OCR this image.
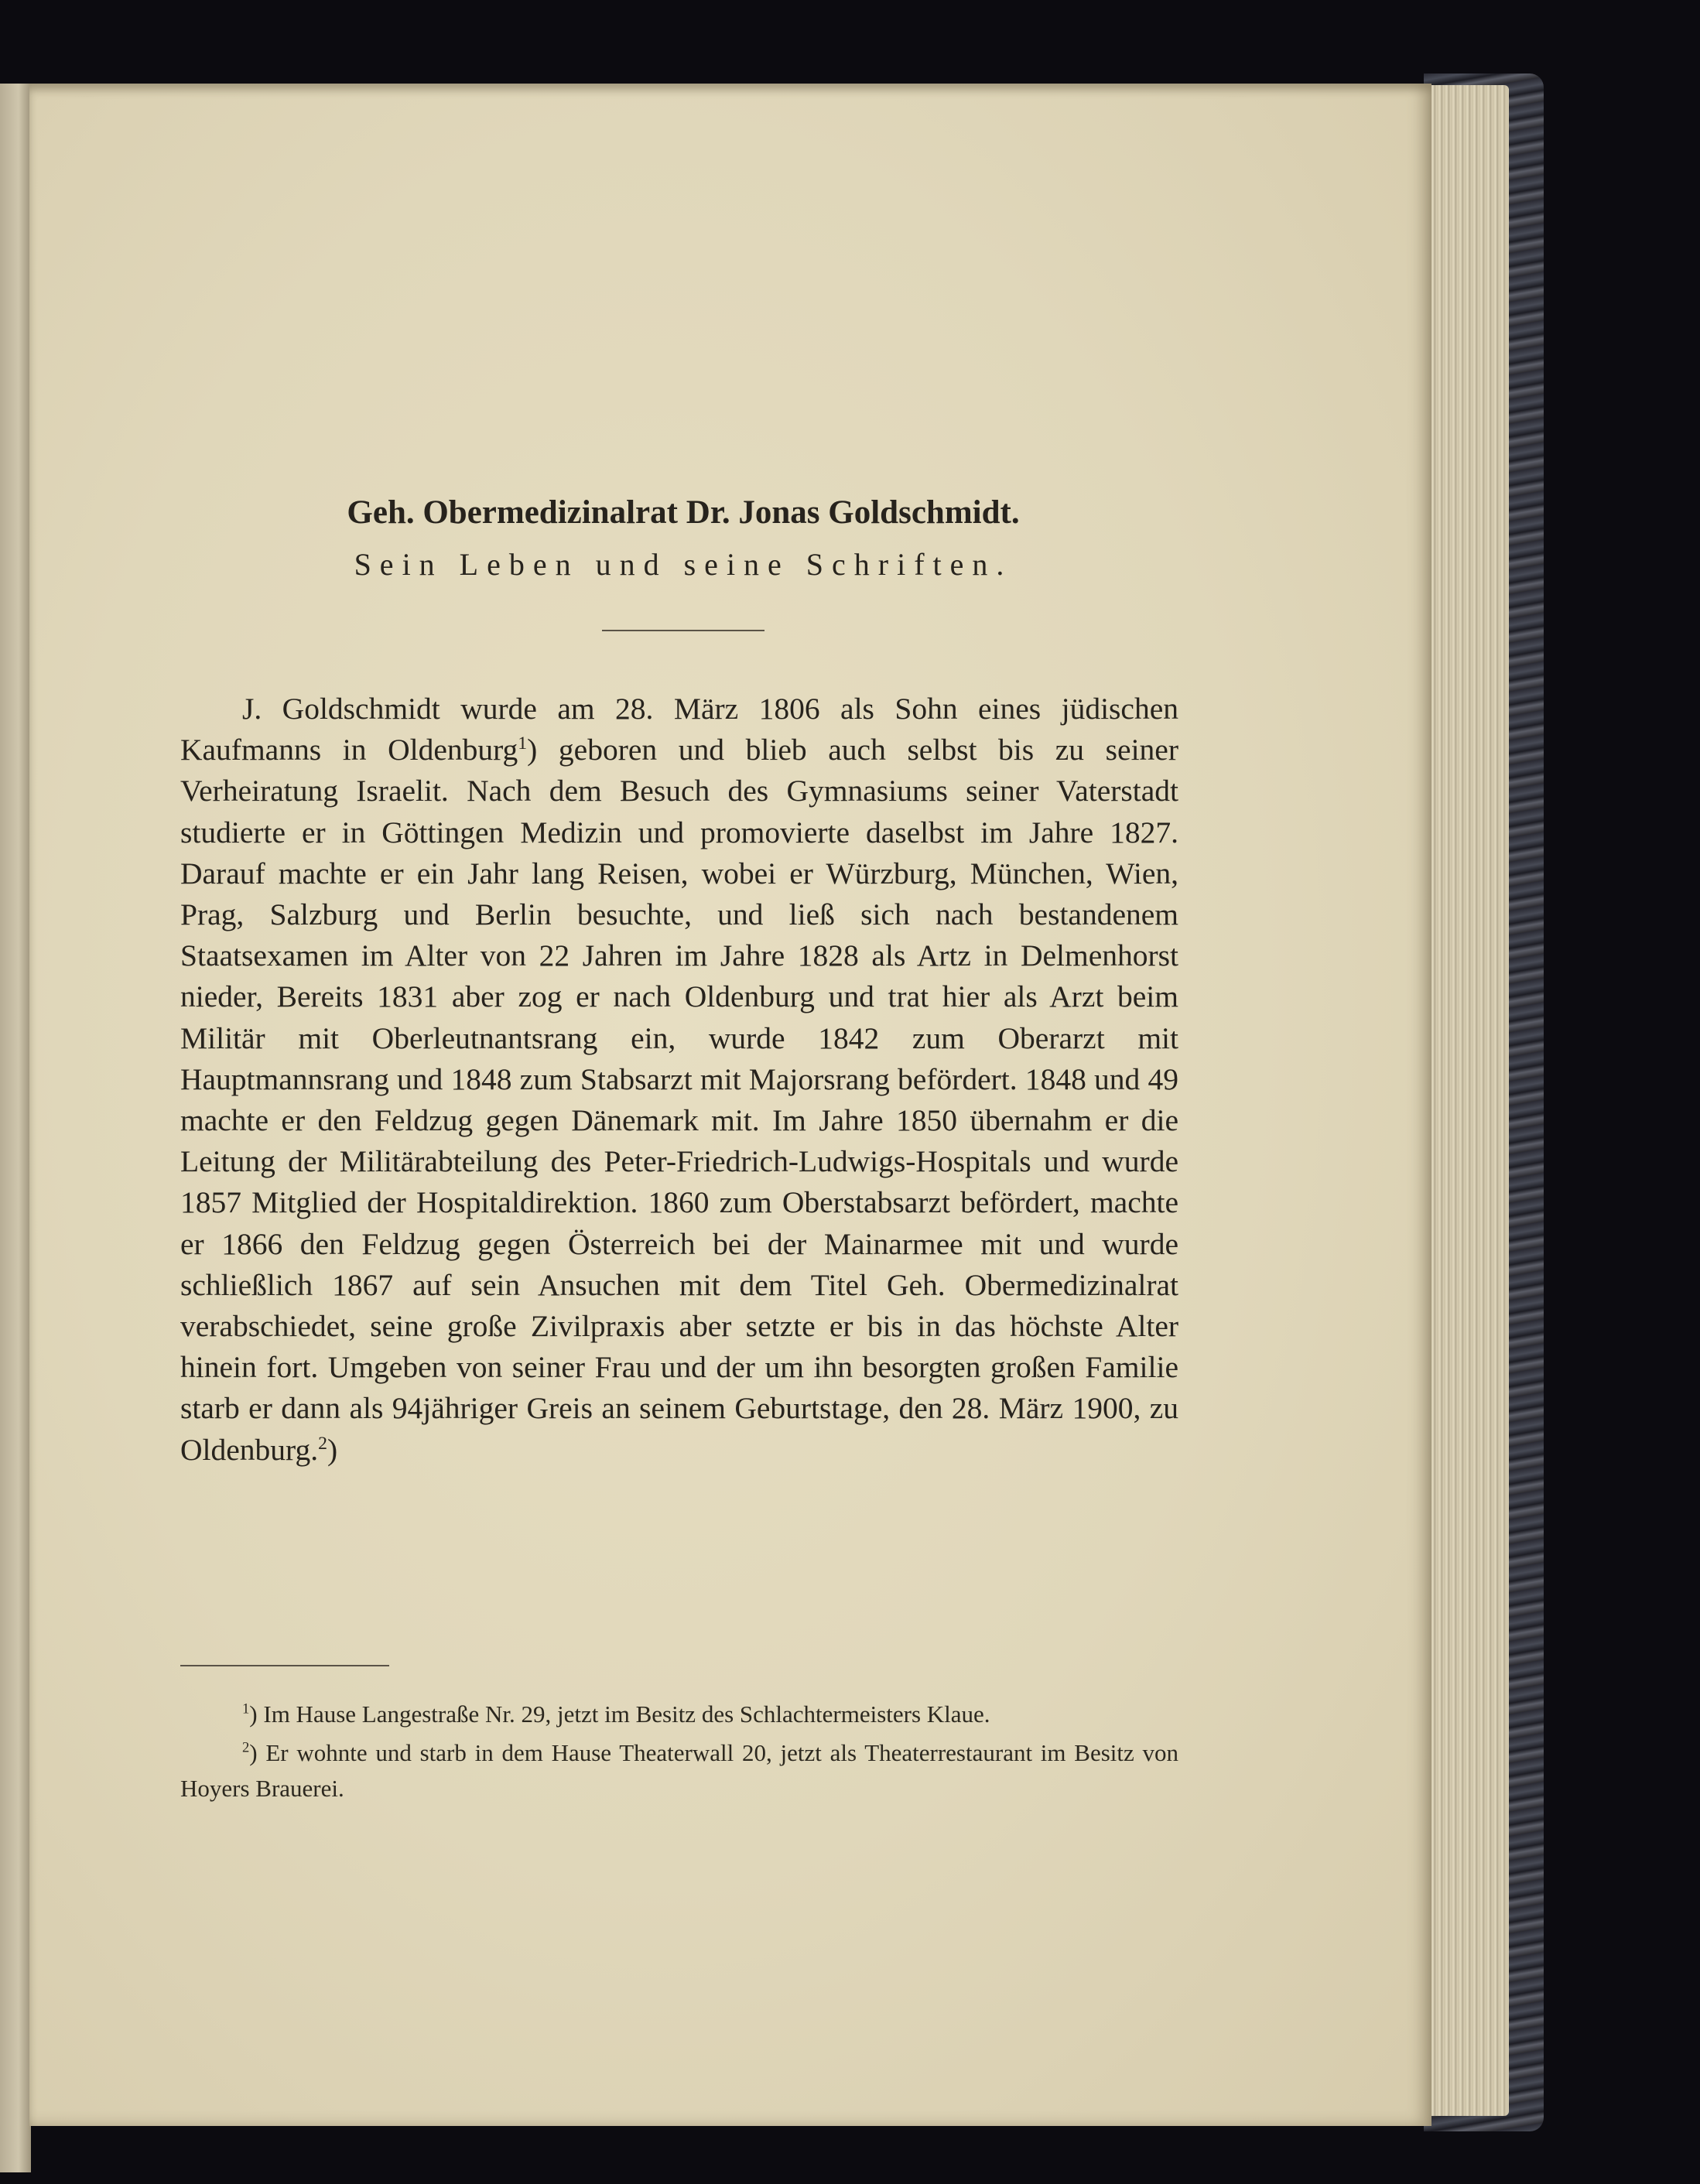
Geh. Obermedizinalrat Dr. Jonas Goldschmidt.

Sein Leben und seine Schriften.

J. Goldschmidt wurde am 28. März 1806 als Sohn eines jüdischen Kaufmanns in Oldenburg$^1$) geboren und blieb auch selbst bis zu seiner Verheiratung Israelit. Nach dem Besuch des Gymnasiums seiner Vaterstadt studierte er in Göttingen Medizin und promovierte daselbst im Jahre 1827. Darauf machte er ein Jahr lang Reisen, wobei er Würzburg, München, Wien, Prag, Salzburg und Berlin besuchte, und ließ sich nach bestandenem Staatsexamen im Alter von 22 Jahren im Jahre 1828 als Artz in Delmenhorst nieder, Bereits 1831 aber zog er nach Oldenburg und trat hier als Arzt beim Militär mit Oberleutnantsrang ein, wurde 1842 zum Oberarzt mit Hauptmannsrang und 1848 zum Stabsarzt mit Majorsrang befördert. 1848 und 49 machte er den Feldzug gegen Dänemark mit. Im Jahre 1850 übernahm er die Leitung der Militärabteilung des Peter-Friedrich-Ludwigs-Hospitals und wurde 1857 Mitglied der Hospitaldirektion. 1860 zum Oberstabsarzt befördert, machte er 1866 den Feldzug gegen Österreich bei der Mainarmee mit und wurde schließlich 1867 auf sein Ansuchen mit dem Titel Geh. Obermedizinalrat verabschiedet, seine große Zivilpraxis aber setzte er bis in das höchste Alter hinein fort. Umgeben von seiner Frau und der um ihn besorgten großen Familie starb er dann als 94jähriger Greis an seinem Geburtstage, den 28. März 1900, zu Oldenburg.$^2$)

$^1$) Im Hause Langestraße Nr. 29, jetzt im Besitz des Schlachtermeisters Klaue.

$^2$) Er wohnte und starb in dem Hause Theaterwall 20, jetzt als Theaterrestaurant im Besitz von Hoyers Brauerei.
